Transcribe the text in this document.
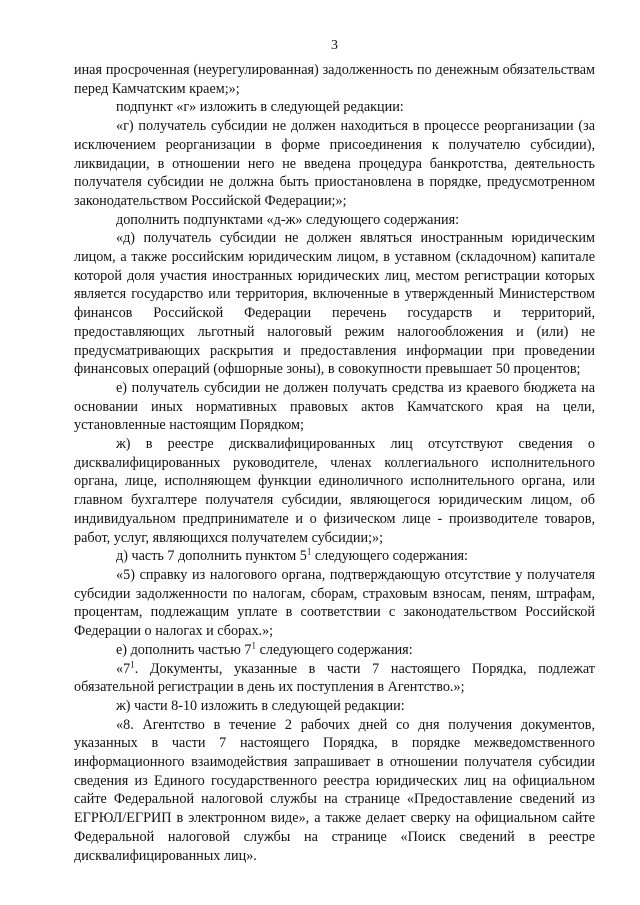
3

иная просроченная (неурегулированная) задолженность по денежным обязательствам перед Камчатским краем;»;

подпункт «г» изложить в следующей редакции:

«г) получатель субсидии не должен находиться в процессе реорганизации (за исключением реорганизации в форме присоединения к получателю субсидии), ликвидации, в отношении него не введена процедура банкротства, деятельность получателя субсидии не должна быть приостановлена в порядке, предусмотренном законодательством Российской Федерации;»;

дополнить подпунктами «д-ж» следующего содержания:

«д) получатель субсидии не должен являться иностранным юридическим лицом, а также российским юридическим лицом, в уставном (складочном) капитале которой доля участия иностранных юридических лиц, местом регистрации которых является государство или территория, включенные в утвержденный Министерством финансов Российской Федерации перечень государств и территорий, предоставляющих льготный налоговый режим налогообложения и (или) не предусматривающих раскрытия и предоставления информации при проведении финансовых операций (офшорные зоны), в совокупности превышает 50 процентов;

е) получатель субсидии не должен получать средства из краевого бюджета на основании иных нормативных правовых актов Камчатского края на цели, установленные настоящим Порядком;

ж) в реестре дисквалифицированных лиц отсутствуют сведения о дисквалифицированных руководителе, членах коллегиального исполнительного органа, лице, исполняющем функции единоличного исполнительного органа, или главном бухгалтере получателя субсидии, являющегося юридическим лицом, об индивидуальном предпринимателе и о физическом лице - производителе товаров, работ, услуг, являющихся получателем субсидии;»;

д) часть 7 дополнить пунктом $5^1$ следующего содержания:

«5) справку из налогового органа, подтверждающую отсутствие у получателя субсидии задолженности по налогам, сборам, страховым взносам, пеням, штрафам, процентам, подлежащим уплате в соответствии с законодательством Российской Федерации о налогах и сборах.»;

е) дополнить частью $7^1$ следующего содержания:

«$7^1$. Документы, указанные в части 7 настоящего Порядка, подлежат обязательной регистрации в день их поступления в Агентство.»;

ж) части 8-10 изложить в следующей редакции:

«8. Агентство в течение 2 рабочих дней со дня получения документов, указанных в части 7 настоящего Порядка, в порядке межведомственного информационного взаимодействия запрашивает в отношении получателя субсидии сведения из Единого государственного реестра юридических лиц на официальном сайте Федеральной налоговой службы на странице «Предоставление сведений из ЕГРЮЛ/ЕГРИП в электронном виде», а также делает сверку на официальном сайте Федеральной налоговой службы на странице «Поиск сведений в реестре дисквалифицированных лиц».
